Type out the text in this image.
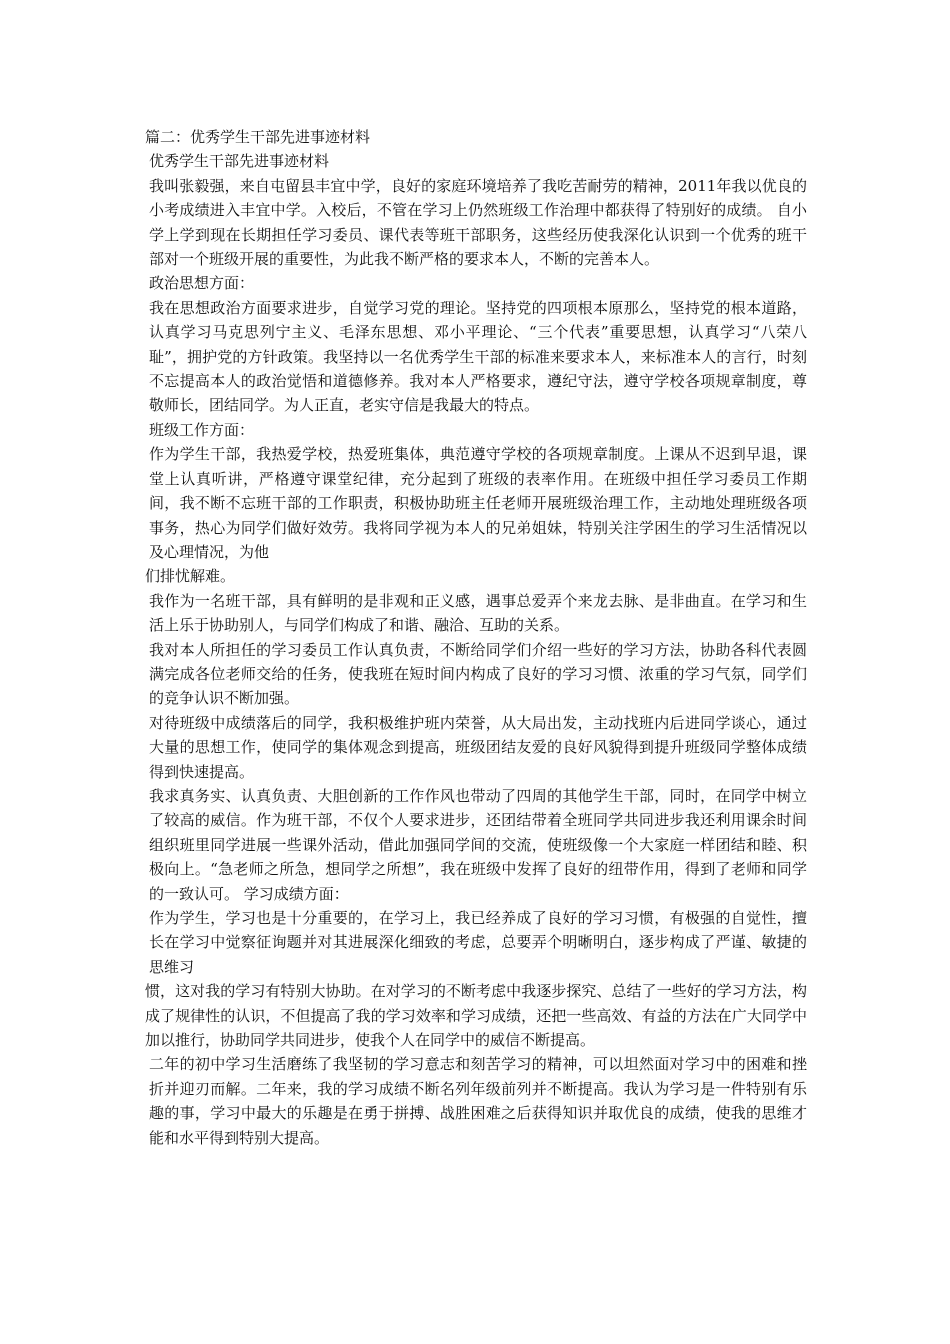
篇二：优秀学生干部先进事迹材料

优秀学生干部先进事迹材料

我叫张毅强，来自屯留县丰宜中学，良好的家庭环境培养了我吃苦耐劳的精神，2011年我以优良的小考成绩进入丰宜中学。入校后，不管在学习上仍然班级工作治理中都获得了特别好的成绩。 自小学上学到现在长期担任学习委员、课代表等班干部职务，这些经历使我深化认识到一个优秀的班干部对一个班级开展的重要性，为此我不断严格的要求本人，不断的完善本人。

政治思想方面：

我在思想政治方面要求进步，自觉学习党的理论。坚持党的四项根本原那么，坚持党的根本道路，认真学习马克思列宁主义、毛泽东思想、邓小平理论、“三个代表”重要思想，认真学习“八荣八耻”，拥护党的方针政策。我坚持以一名优秀学生干部的标准来要求本人，来标准本人的言行，时刻不忘提高本人的政治觉悟和道德修养。我对本人严格要求，遵纪守法，遵守学校各项规章制度，尊敬师长，团结同学。为人正直，老实守信是我最大的特点。

班级工作方面：

作为学生干部，我热爱学校，热爱班集体，典范遵守学校的各项规章制度。上课从不迟到早退，课堂上认真听讲，严格遵守课堂纪律，充分起到了班级的表率作用。在班级中担任学习委员工作期间，我不断不忘班干部的工作职责，积极协助班主任老师开展班级治理工作，主动地处理班级各项事务，热心为同学们做好效劳。我将同学视为本人的兄弟姐妹，特别关注学困生的学习生活情况以及心理情况，为他

们排忧解难。

我作为一名班干部，具有鲜明的是非观和正义感，遇事总爱弄个来龙去脉、是非曲直。在学习和生活上乐于协助别人，与同学们构成了和谐、融洽、互助的关系。

我对本人所担任的学习委员工作认真负责，不断给同学们介绍一些好的学习方法，协助各科代表圆满完成各位老师交给的任务，使我班在短时间内构成了良好的学习习惯、浓重的学习气氛，同学们的竞争认识不断加强。

对待班级中成绩落后的同学，我积极维护班内荣誉，从大局出发，主动找班内后进同学谈心，通过大量的思想工作，使同学的集体观念到提高，班级团结友爱的良好风貌得到提升班级同学整体成绩得到快速提高。

我求真务实、认真负责、大胆创新的工作作风也带动了四周的其他学生干部，同时，在同学中树立了较高的威信。作为班干部，不仅个人要求进步，还团结带着全班同学共同进步我还利用课余时间组织班里同学进展一些课外活动，借此加强同学间的交流，使班级像一个大家庭一样团结和睦、积极向上。“急老师之所急，想同学之所想”，我在班级中发挥了良好的纽带作用，得到了老师和同学的一致认可。 学习成绩方面：

作为学生，学习也是十分重要的，在学习上，我已经养成了良好的学习习惯，有极强的自觉性，擅长在学习中觉察征询题并对其进展深化细致的考虑，总要弄个明晰明白，逐步构成了严谨、敏捷的思维习

惯，这对我的学习有特别大协助。在对学习的不断考虑中我逐步探究、总结了一些好的学习方法，构成了规律性的认识，不但提高了我的学习效率和学习成绩，还把一些高效、有益的方法在广大同学中加以推行，协助同学共同进步，使我个人在同学中的威信不断提高。

二年的初中学习生活磨练了我坚韧的学习意志和刻苦学习的精神，可以坦然面对学习中的困难和挫折并迎刃而解。二年来，我的学习成绩不断名列年级前列并不断提高。我认为学习是一件特别有乐趣的事，学习中最大的乐趣是在勇于拼搏、战胜困难之后获得知识并取优良的成绩，使我的思维才能和水平得到特别大提高。
